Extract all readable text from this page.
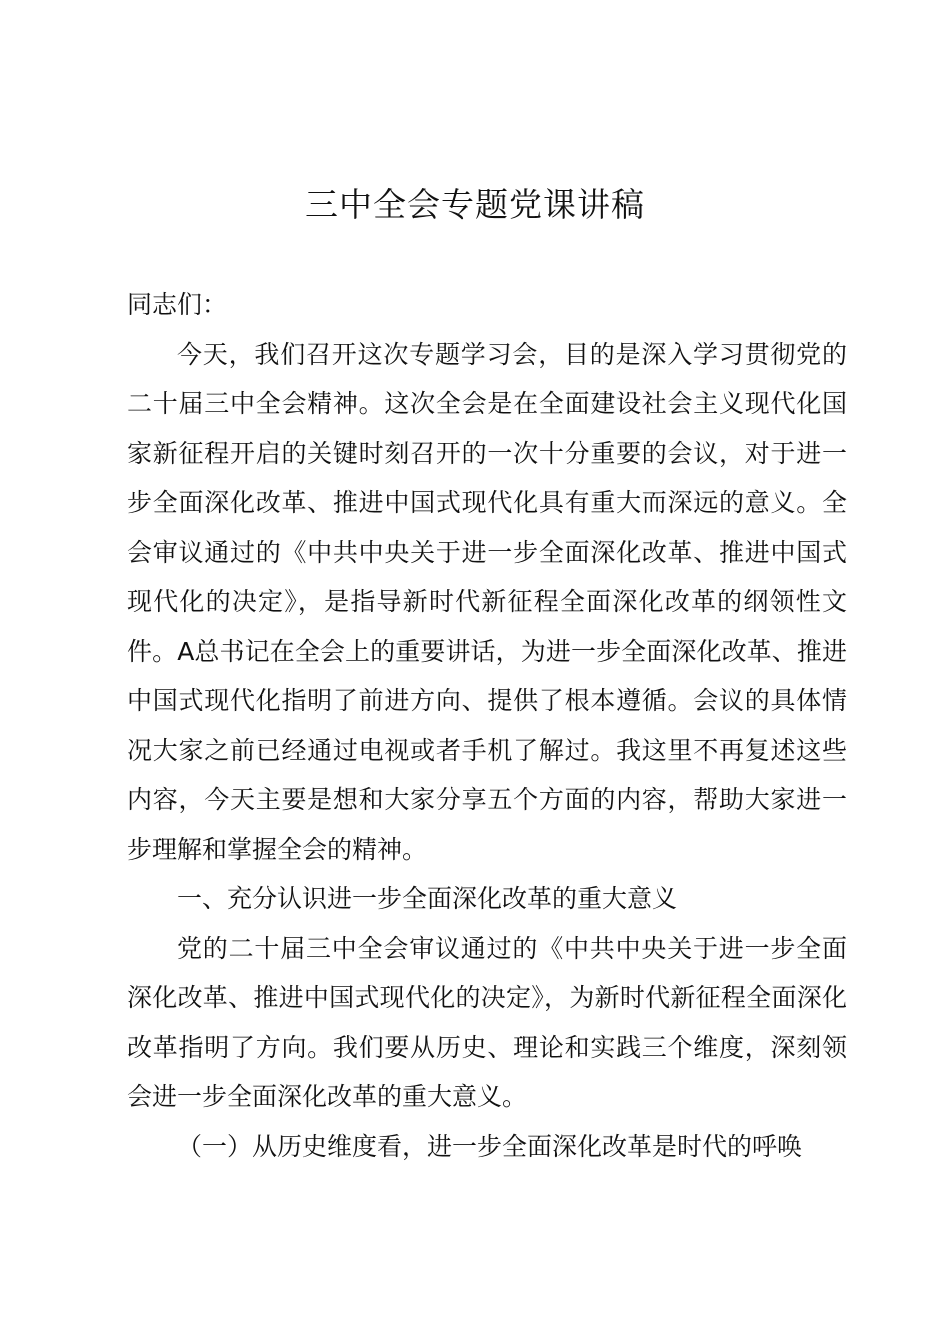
三中全会专题党课讲稿

同志们：

今天，我们召开这次专题学习会，目的是深入学习贯彻党的二十届三中全会精神。这次全会是在全面建设社会主义现代化国家新征程开启的关键时刻召开的一次十分重要的会议，对于进一步全面深化改革、推进中国式现代化具有重大而深远的意义。全会审议通过的《中共中央关于进一步全面深化改革、推进中国式现代化的决定》，是指导新时代新征程全面深化改革的纲领性文件。A总书记在全会上的重要讲话，为进一步全面深化改革、推进中国式现代化指明了前进方向、提供了根本遵循。会议的具体情况大家之前已经通过电视或者手机了解过。我这里不再复述这些内容，今天主要是想和大家分享五个方面的内容，帮助大家进一步理解和掌握全会的精神。

一、充分认识进一步全面深化改革的重大意义

党的二十届三中全会审议通过的《中共中央关于进一步全面深化改革、推进中国式现代化的决定》，为新时代新征程全面深化改革指明了方向。我们要从历史、理论和实践三个维度，深刻领会进一步全面深化改革的重大意义。

（一）从历史维度看，进一步全面深化改革是时代的呼唤
